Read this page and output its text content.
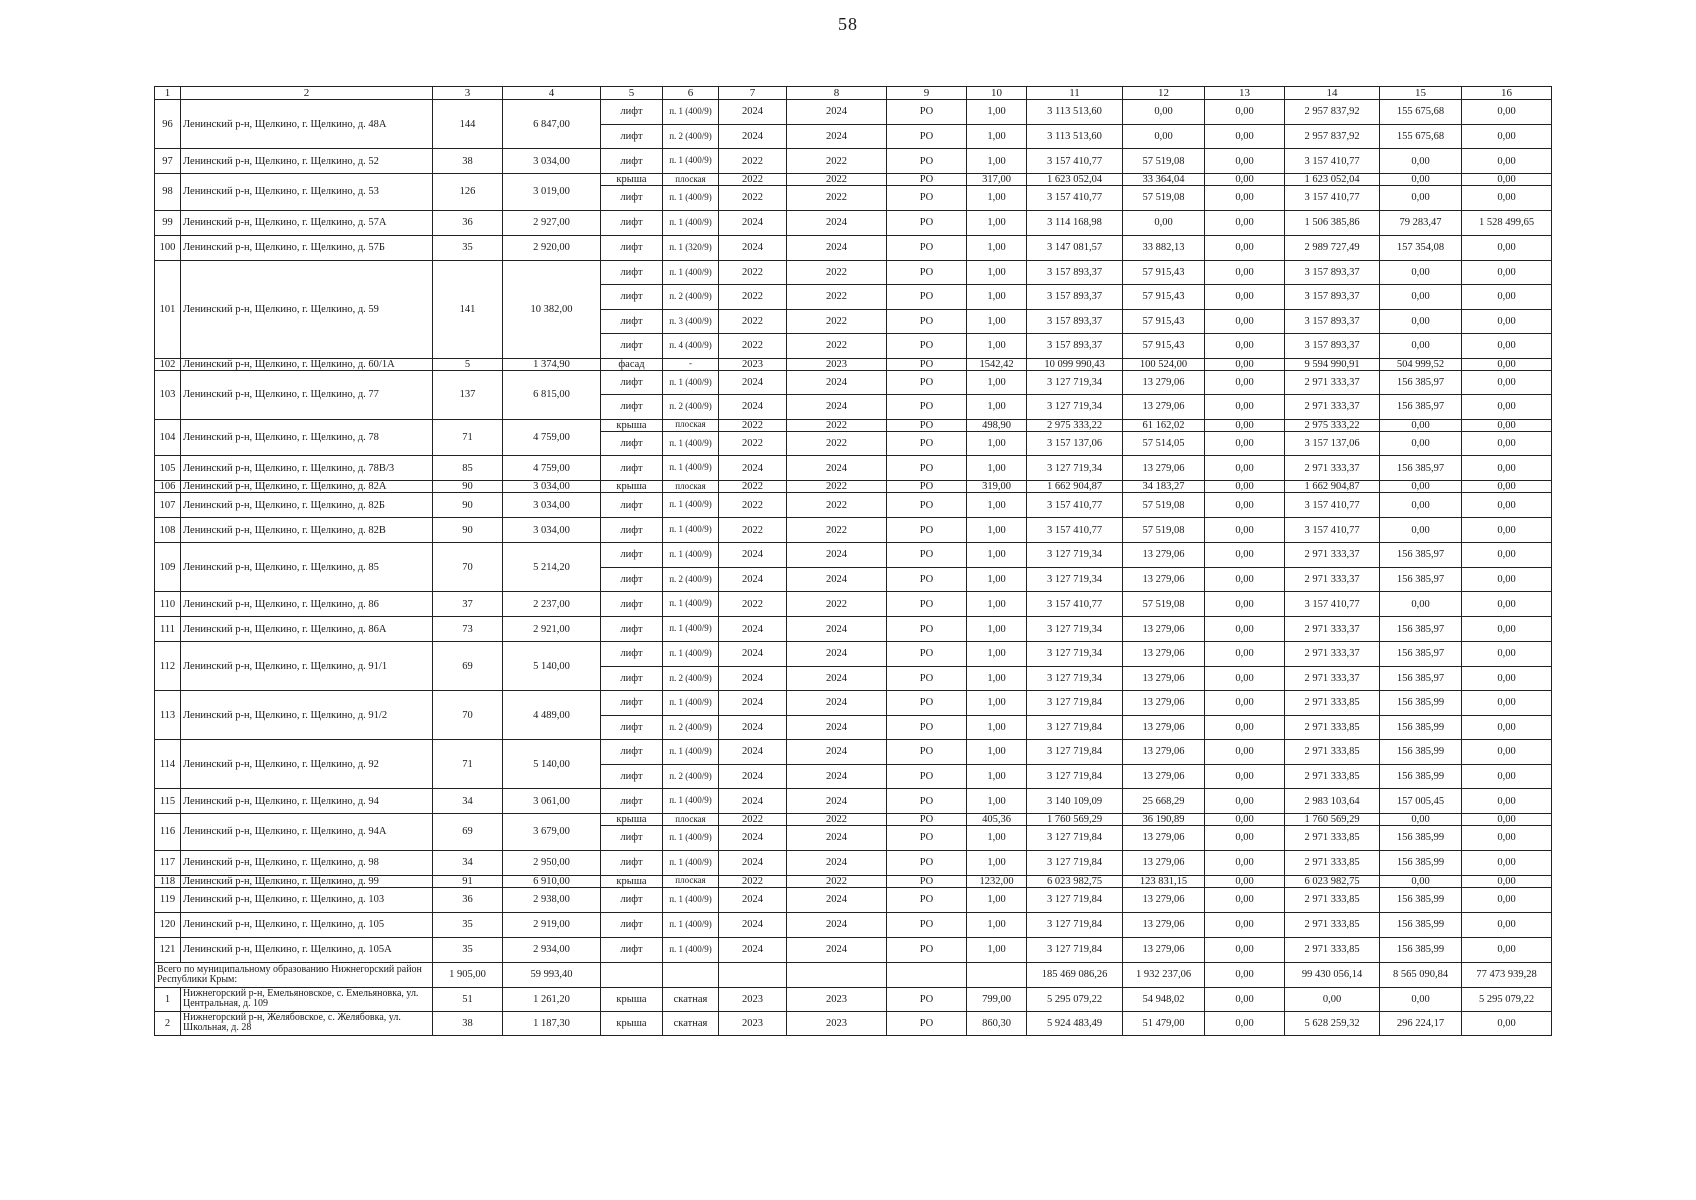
58
1	2	3	4	5	6	7	8	9	10	11	12	13	14	15	16
96	Ленинский р-н, Щелкино, г. Щелкино, д. 48А	144	6 847,00	лифт	п. 1 (400/9)	2024	2024	РО	1,00	3 113 513,60	0,00	0,00	2 957 837,92	155 675,68	0,00
				лифт	п. 2 (400/9)	2024	2024	РО	1,00	3 113 513,60	0,00	0,00	2 957 837,92	155 675,68	0,00
97	Ленинский р-н, Щелкино, г. Щелкино, д. 52	38	3 034,00	лифт	п. 1 (400/9)	2022	2022	РО	1,00	3 157 410,77	57 519,08	0,00	3 157 410,77	0,00	0,00
98	Ленинский р-н, Щелкино, г. Щелкино, д. 53	126	3 019,00	крыша	плоская	2022	2022	РО	317,00	1 623 052,04	33 364,04	0,00	1 623 052,04	0,00	0,00
				лифт	п. 1 (400/9)	2022	2022	РО	1,00	3 157 410,77	57 519,08	0,00	3 157 410,77	0,00	0,00
99	Ленинский р-н, Щелкино, г. Щелкино, д. 57А	36	2 927,00	лифт	п. 1 (400/9)	2024	2024	РО	1,00	3 114 168,98	0,00	0,00	1 506 385,86	79 283,47	1 528 499,65
100	Ленинский р-н, Щелкино, г. Щелкино, д. 57Б	35	2 920,00	лифт	п. 1 (320/9)	2024	2024	РО	1,00	3 147 081,57	33 882,13	0,00	2 989 727,49	157 354,08	0,00
101	Ленинский р-н, Щелкино, г. Щелкино, д. 59	141	10 382,00	лифт	п. 1 (400/9)	2022	2022	РО	1,00	3 157 893,37	57 915,43	0,00	3 157 893,37	0,00	0,00
				лифт	п. 2 (400/9)	2022	2022	РО	1,00	3 157 893,37	57 915,43	0,00	3 157 893,37	0,00	0,00
				лифт	п. 3 (400/9)	2022	2022	РО	1,00	3 157 893,37	57 915,43	0,00	3 157 893,37	0,00	0,00
				лифт	п. 4 (400/9)	2022	2022	РО	1,00	3 157 893,37	57 915,43	0,00	3 157 893,37	0,00	0,00
102	Ленинский р-н, Щелкино, г. Щелкино, д. 60/1А	5	1 374,90	фасад	-	2023	2023	РО	1542,42	10 099 990,43	100 524,00	0,00	9 594 990,91	504 999,52	0,00
103	Ленинский р-н, Щелкино, г. Щелкино, д. 77	137	6 815,00	лифт	п. 1 (400/9)	2024	2024	РО	1,00	3 127 719,34	13 279,06	0,00	2 971 333,37	156 385,97	0,00
				лифт	п. 2 (400/9)	2024	2024	РО	1,00	3 127 719,34	13 279,06	0,00	2 971 333,37	156 385,97	0,00
104	Ленинский р-н, Щелкино, г. Щелкино, д. 78	71	4 759,00	крыша	плоская	2022	2022	РО	498,90	2 975 333,22	61 162,02	0,00	2 975 333,22	0,00	0,00
				лифт	п. 1 (400/9)	2022	2022	РО	1,00	3 157 137,06	57 514,05	0,00	3 157 137,06	0,00	0,00
105	Ленинский р-н, Щелкино, г. Щелкино, д. 78В/3	85	4 759,00	лифт	п. 1 (400/9)	2024	2024	РО	1,00	3 127 719,34	13 279,06	0,00	2 971 333,37	156 385,97	0,00
106	Ленинский р-н, Щелкино, г. Щелкино, д. 82А	90	3 034,00	крыша	плоская	2022	2022	РО	319,00	1 662 904,87	34 183,27	0,00	1 662 904,87	0,00	0,00
107	Ленинский р-н, Щелкино, г. Щелкино, д. 82Б	90	3 034,00	лифт	п. 1 (400/9)	2022	2022	РО	1,00	3 157 410,77	57 519,08	0,00	3 157 410,77	0,00	0,00
108	Ленинский р-н, Щелкино, г. Щелкино, д. 82В	90	3 034,00	лифт	п. 1 (400/9)	2022	2022	РО	1,00	3 157 410,77	57 519,08	0,00	3 157 410,77	0,00	0,00
109	Ленинский р-н, Щелкино, г. Щелкино, д. 85	70	5 214,20	лифт	п. 1 (400/9)	2024	2024	РО	1,00	3 127 719,34	13 279,06	0,00	2 971 333,37	156 385,97	0,00
				лифт	п. 2 (400/9)	2024	2024	РО	1,00	3 127 719,34	13 279,06	0,00	2 971 333,37	156 385,97	0,00
110	Ленинский р-н, Щелкино, г. Щелкино, д. 86	37	2 237,00	лифт	п. 1 (400/9)	2022	2022	РО	1,00	3 157 410,77	57 519,08	0,00	3 157 410,77	0,00	0,00
111	Ленинский р-н, Щелкино, г. Щелкино, д. 86А	73	2 921,00	лифт	п. 1 (400/9)	2024	2024	РО	1,00	3 127 719,34	13 279,06	0,00	2 971 333,37	156 385,97	0,00
112	Ленинский р-н, Щелкино, г. Щелкино, д. 91/1	69	5 140,00	лифт	п. 1 (400/9)	2024	2024	РО	1,00	3 127 719,34	13 279,06	0,00	2 971 333,37	156 385,97	0,00
				лифт	п. 2 (400/9)	2024	2024	РО	1,00	3 127 719,34	13 279,06	0,00	2 971 333,37	156 385,97	0,00
113	Ленинский р-н, Щелкино, г. Щелкино, д. 91/2	70	4 489,00	лифт	п. 1 (400/9)	2024	2024	РО	1,00	3 127 719,84	13 279,06	0,00	2 971 333,85	156 385,99	0,00
				лифт	п. 2 (400/9)	2024	2024	РО	1,00	3 127 719,84	13 279,06	0,00	2 971 333,85	156 385,99	0,00
114	Ленинский р-н, Щелкино, г. Щелкино, д. 92	71	5 140,00	лифт	п. 1 (400/9)	2024	2024	РО	1,00	3 127 719,84	13 279,06	0,00	2 971 333,85	156 385,99	0,00
				лифт	п. 2 (400/9)	2024	2024	РО	1,00	3 127 719,84	13 279,06	0,00	2 971 333,85	156 385,99	0,00
115	Ленинский р-н, Щелкино, г. Щелкино, д. 94	34	3 061,00	лифт	п. 1 (400/9)	2024	2024	РО	1,00	3 140 109,09	25 668,29	0,00	2 983 103,64	157 005,45	0,00
116	Ленинский р-н, Щелкино, г. Щелкино, д. 94А	69	3 679,00	крыша	плоская	2022	2022	РО	405,36	1 760 569,29	36 190,89	0,00	1 760 569,29	0,00	0,00
				лифт	п. 1 (400/9)	2024	2024	РО	1,00	3 127 719,84	13 279,06	0,00	2 971 333,85	156 385,99	0,00
117	Ленинский р-н, Щелкино, г. Щелкино, д. 98	34	2 950,00	лифт	п. 1 (400/9)	2024	2024	РО	1,00	3 127 719,84	13 279,06	0,00	2 971 333,85	156 385,99	0,00
118	Ленинский р-н, Щелкино, г. Щелкино, д. 99	91	6 910,00	крыша	плоская	2022	2022	РО	1232,00	6 023 982,75	123 831,15	0,00	6 023 982,75	0,00	0,00
119	Ленинский р-н, Щелкино, г. Щелкино, д. 103	36	2 938,00	лифт	п. 1 (400/9)	2024	2024	РО	1,00	3 127 719,84	13 279,06	0,00	2 971 333,85	156 385,99	0,00
120	Ленинский р-н, Щелкино, г. Щелкино, д. 105	35	2 919,00	лифт	п. 1 (400/9)	2024	2024	РО	1,00	3 127 719,84	13 279,06	0,00	2 971 333,85	156 385,99	0,00
121	Ленинский р-н, Щелкино, г. Щелкино, д. 105А	35	2 934,00	лифт	п. 1 (400/9)	2024	2024	РО	1,00	3 127 719,84	13 279,06	0,00	2 971 333,85	156 385,99	0,00
Всего по муниципальному образованию Нижнегорский район Республики Крым:		1 905,00	59 993,40							185 469 086,26	1 932 237,06	0,00	99 430 056,14	8 565 090,84	77 473 939,28
1	Нижнегорский р-н, Емельяновское, с. Емельяновка, ул. Центральная, д. 109	51	1 261,20	крыша	скатная	2023	2023	РО	799,00	5 295 079,22	54 948,02	0,00	0,00	0,00	5 295 079,22
2	Нижнегорский р-н, Желябовское, с. Желябовка, ул. Школьная, д. 28	38	1 187,30	крыша	скатная	2023	2023	РО	860,30	5 924 483,49	51 479,00	0,00	5 628 259,32	296 224,17	0,00
